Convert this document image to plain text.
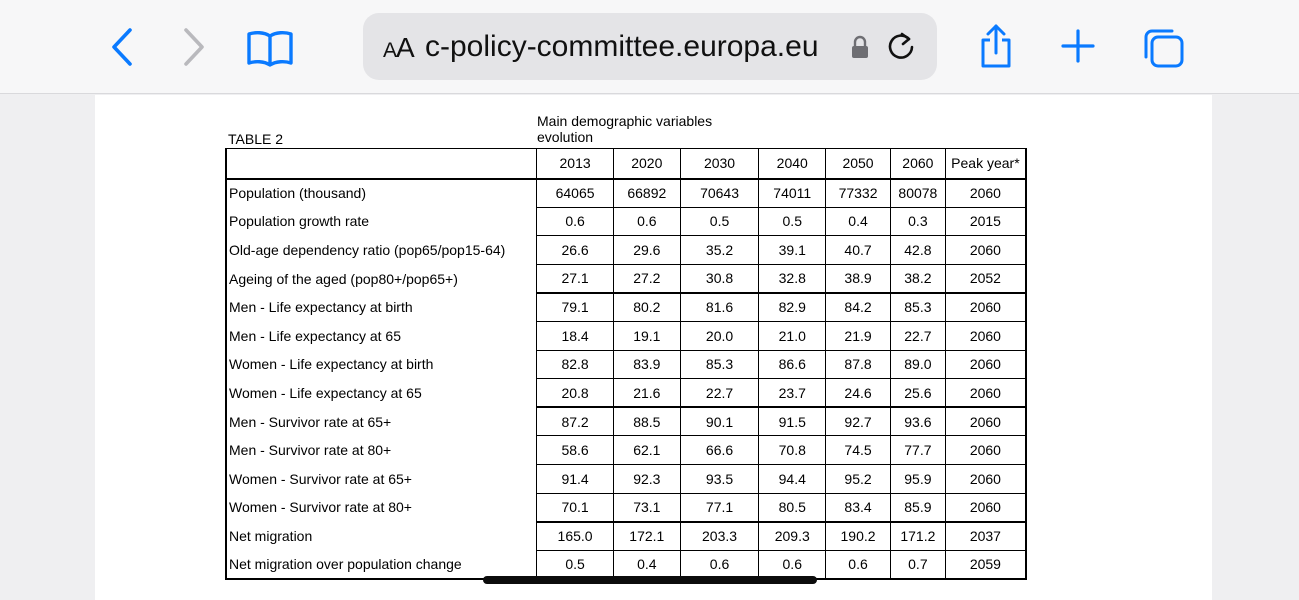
AA c-policy-committee.europa.eu
Main demographic variables
evolution
TABLE 2
	2013	2020	2030	2040	2050	2060	Peak year*
Population (thousand)	64065	66892	70643	74011	77332	80078	2060
Population growth rate	0.6	0.6	0.5	0.5	0.4	0.3	2015
Old-age dependency ratio (pop65/pop15-64)	26.6	29.6	35.2	39.1	40.7	42.8	2060
Ageing of the aged (pop80+/pop65+)	27.1	27.2	30.8	32.8	38.9	38.2	2052
Men - Life expectancy at birth	79.1	80.2	81.6	82.9	84.2	85.3	2060
Men - Life expectancy at 65	18.4	19.1	20.0	21.0	21.9	22.7	2060
Women - Life expectancy at birth	82.8	83.9	85.3	86.6	87.8	89.0	2060
Women - Life expectancy at 65	20.8	21.6	22.7	23.7	24.6	25.6	2060
Men - Survivor rate at 65+	87.2	88.5	90.1	91.5	92.7	93.6	2060
Men - Survivor rate at 80+	58.6	62.1	66.6	70.8	74.5	77.7	2060
Women - Survivor rate at 65+	91.4	92.3	93.5	94.4	95.2	95.9	2060
Women - Survivor rate at 80+	70.1	73.1	77.1	80.5	83.4	85.9	2060
Net migration	165.0	172.1	203.3	209.3	190.2	171.2	2037
Net migration over population change	0.5	0.4	0.6	0.6	0.6	0.7	2059
